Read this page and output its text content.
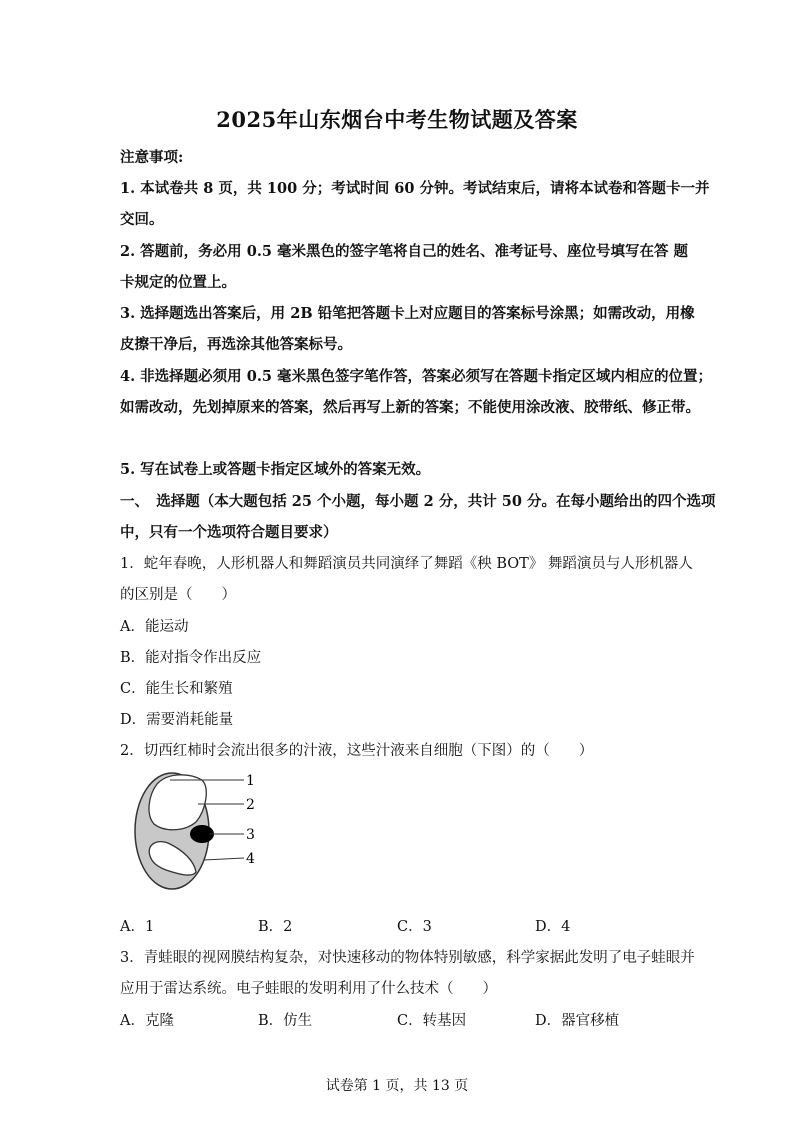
2025年山东烟台中考生物试题及答案
注意事项:
1. 本试卷共 8 页，共 100 分；考试时间 60 分钟。考试结束后，请将本试卷和答题卡一并
交回。
2. 答题前，务必用 0.5 毫米黑色的签字笔将自己的姓名、准考证号、座位号填写在答 题
卡规定的位置上。
3. 选择题选出答案后，用 2B 铅笔把答题卡上对应题目的答案标号涂黑；如需改动，用橡
皮擦干净后，再选涂其他答案标号。
4. 非选择题必须用 0.5 毫米黑色签字笔作答，答案必须写在答题卡指定区域内相应的位置；
如需改动，先划掉原来的答案，然后再写上新的答案；不能使用涂改液、胶带纸、修正带。
5. 写在试卷上或答题卡指定区域外的答案无效。
一、　选择题（本大题包括 25 个小题，每小题 2 分，共计 50 分。在每小题给出的四个选项
中，只有一个选项符合题目要求）
1．蛇年春晚，人形机器人和舞蹈演员共同演绎了舞蹈《秧 BOT》 舞蹈演员与人形机器人
的区别是（　　）
A．能运动
B．能对指令作出反应
C．能生长和繁殖
D．需要消耗能量
2．切西红柿时会流出很多的汁液，这些汁液来自细胞（下图）的（　　）
1
2
3
4
A．1	B．2	C．3	D．4
3．青蛙眼的视网膜结构复杂，对快速移动的物体特别敏感，科学家据此发明了电子蛙眼并
应用于雷达系统。电子蛙眼的发明利用了什么技术（　　）
A．克隆	B．仿生	C．转基因	D．器官移植
试卷第 1 页，共 13 页
